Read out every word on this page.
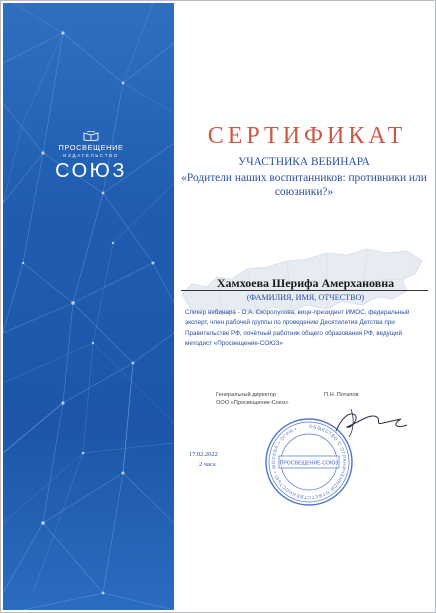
ПРОСВЕЩЕНИЕ
ИЗДАТЕЛЬСТВО
СОЮЗ
СЕРТИФИКАТ
УЧАСТНИКА ВЕБИНАРА
«Родители наших воспитанников: противники или союзники?»
Хамхоева Шерифа Амерхановна
(ФАМИЛИЯ, ИМЯ, ОТЧЕСТВО)
Спикер вебинара - О.А. Скоролупова, вице-президент ИМОС, федеральный эксперт, член рабочей группы по проведению Десятилетия Детства при Правительстве РФ, почётный работник общего образования РФ, ведущий методист «Просвещение-СОЮЗ»
Генеральный директор
ООО «Просвещение-Союз»
П.Н. Потапов
ОБЩЕСТВО С ОГРАНИЧЕННОЙ ОТВЕТСТВЕННОСТЬЮ • МОСКВА • ОГРН •
ПРОСВЕЩЕНИЕ-СОЮЗ
17.02.2022
2 часа
